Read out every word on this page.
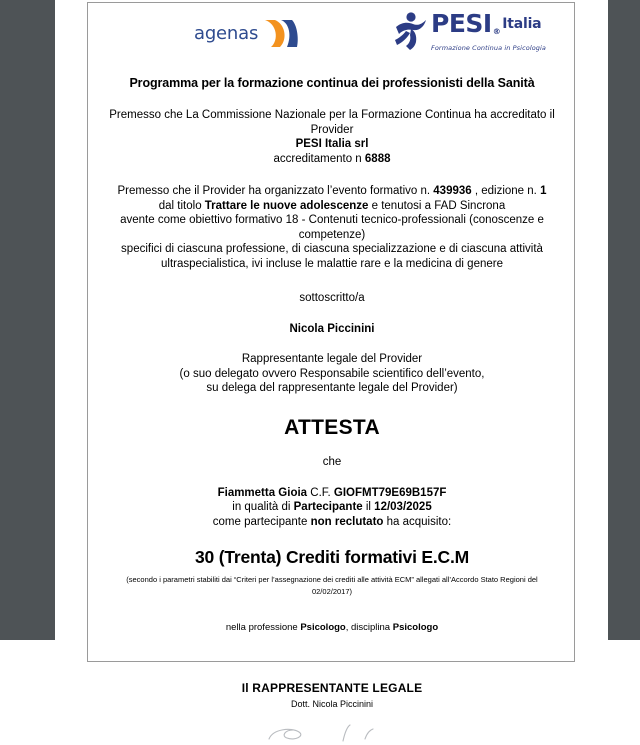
agenas	PESI ® Italia
Formazione Continua in Psicologia
Programma per la formazione continua dei professionisti della Sanità

Premesso che La Commissione Nazionale per la Formazione Continua ha accreditato il Provider

PESI Italia srl

accreditamento n 6888

Premesso che il Provider ha organizzato l’evento formativo n. 439936 , edizione n. 1

dal titolo Trattare le nuove adolescenze e tenutosi a FAD Sincrona

avente come obiettivo formativo 18 - Contenuti tecnico-professionali (conoscenze e competenze)

specifici di ciascuna professione, di ciascuna specializzazione e di ciascuna attività

ultraspecialistica, ivi incluse le malattie rare e la medicina di genere

sottoscritto/a

Nicola Piccinini

Rappresentante legale del Provider

(o suo delegato ovvero Responsabile scientifico dell’evento,

su delega del rappresentante legale del Provider)

ATTESTA

che

Fiammetta Gioia C.F. GIOFMT79E69B157F

in qualità di Partecipante il 12/03/2025

come partecipante non reclutato ha acquisito:

30 (Trenta) Crediti formativi E.C.M

(secondo i parametri stabiliti dai “Criteri per l’assegnazione dei crediti alle attività ECM” allegati all’Accordo Stato Regioni del

02/02/2017)

nella professione Psicologo, disciplina Psicologo

Il RAPPRESENTANTE LEGALE

Dott. Nicola Piccinini
